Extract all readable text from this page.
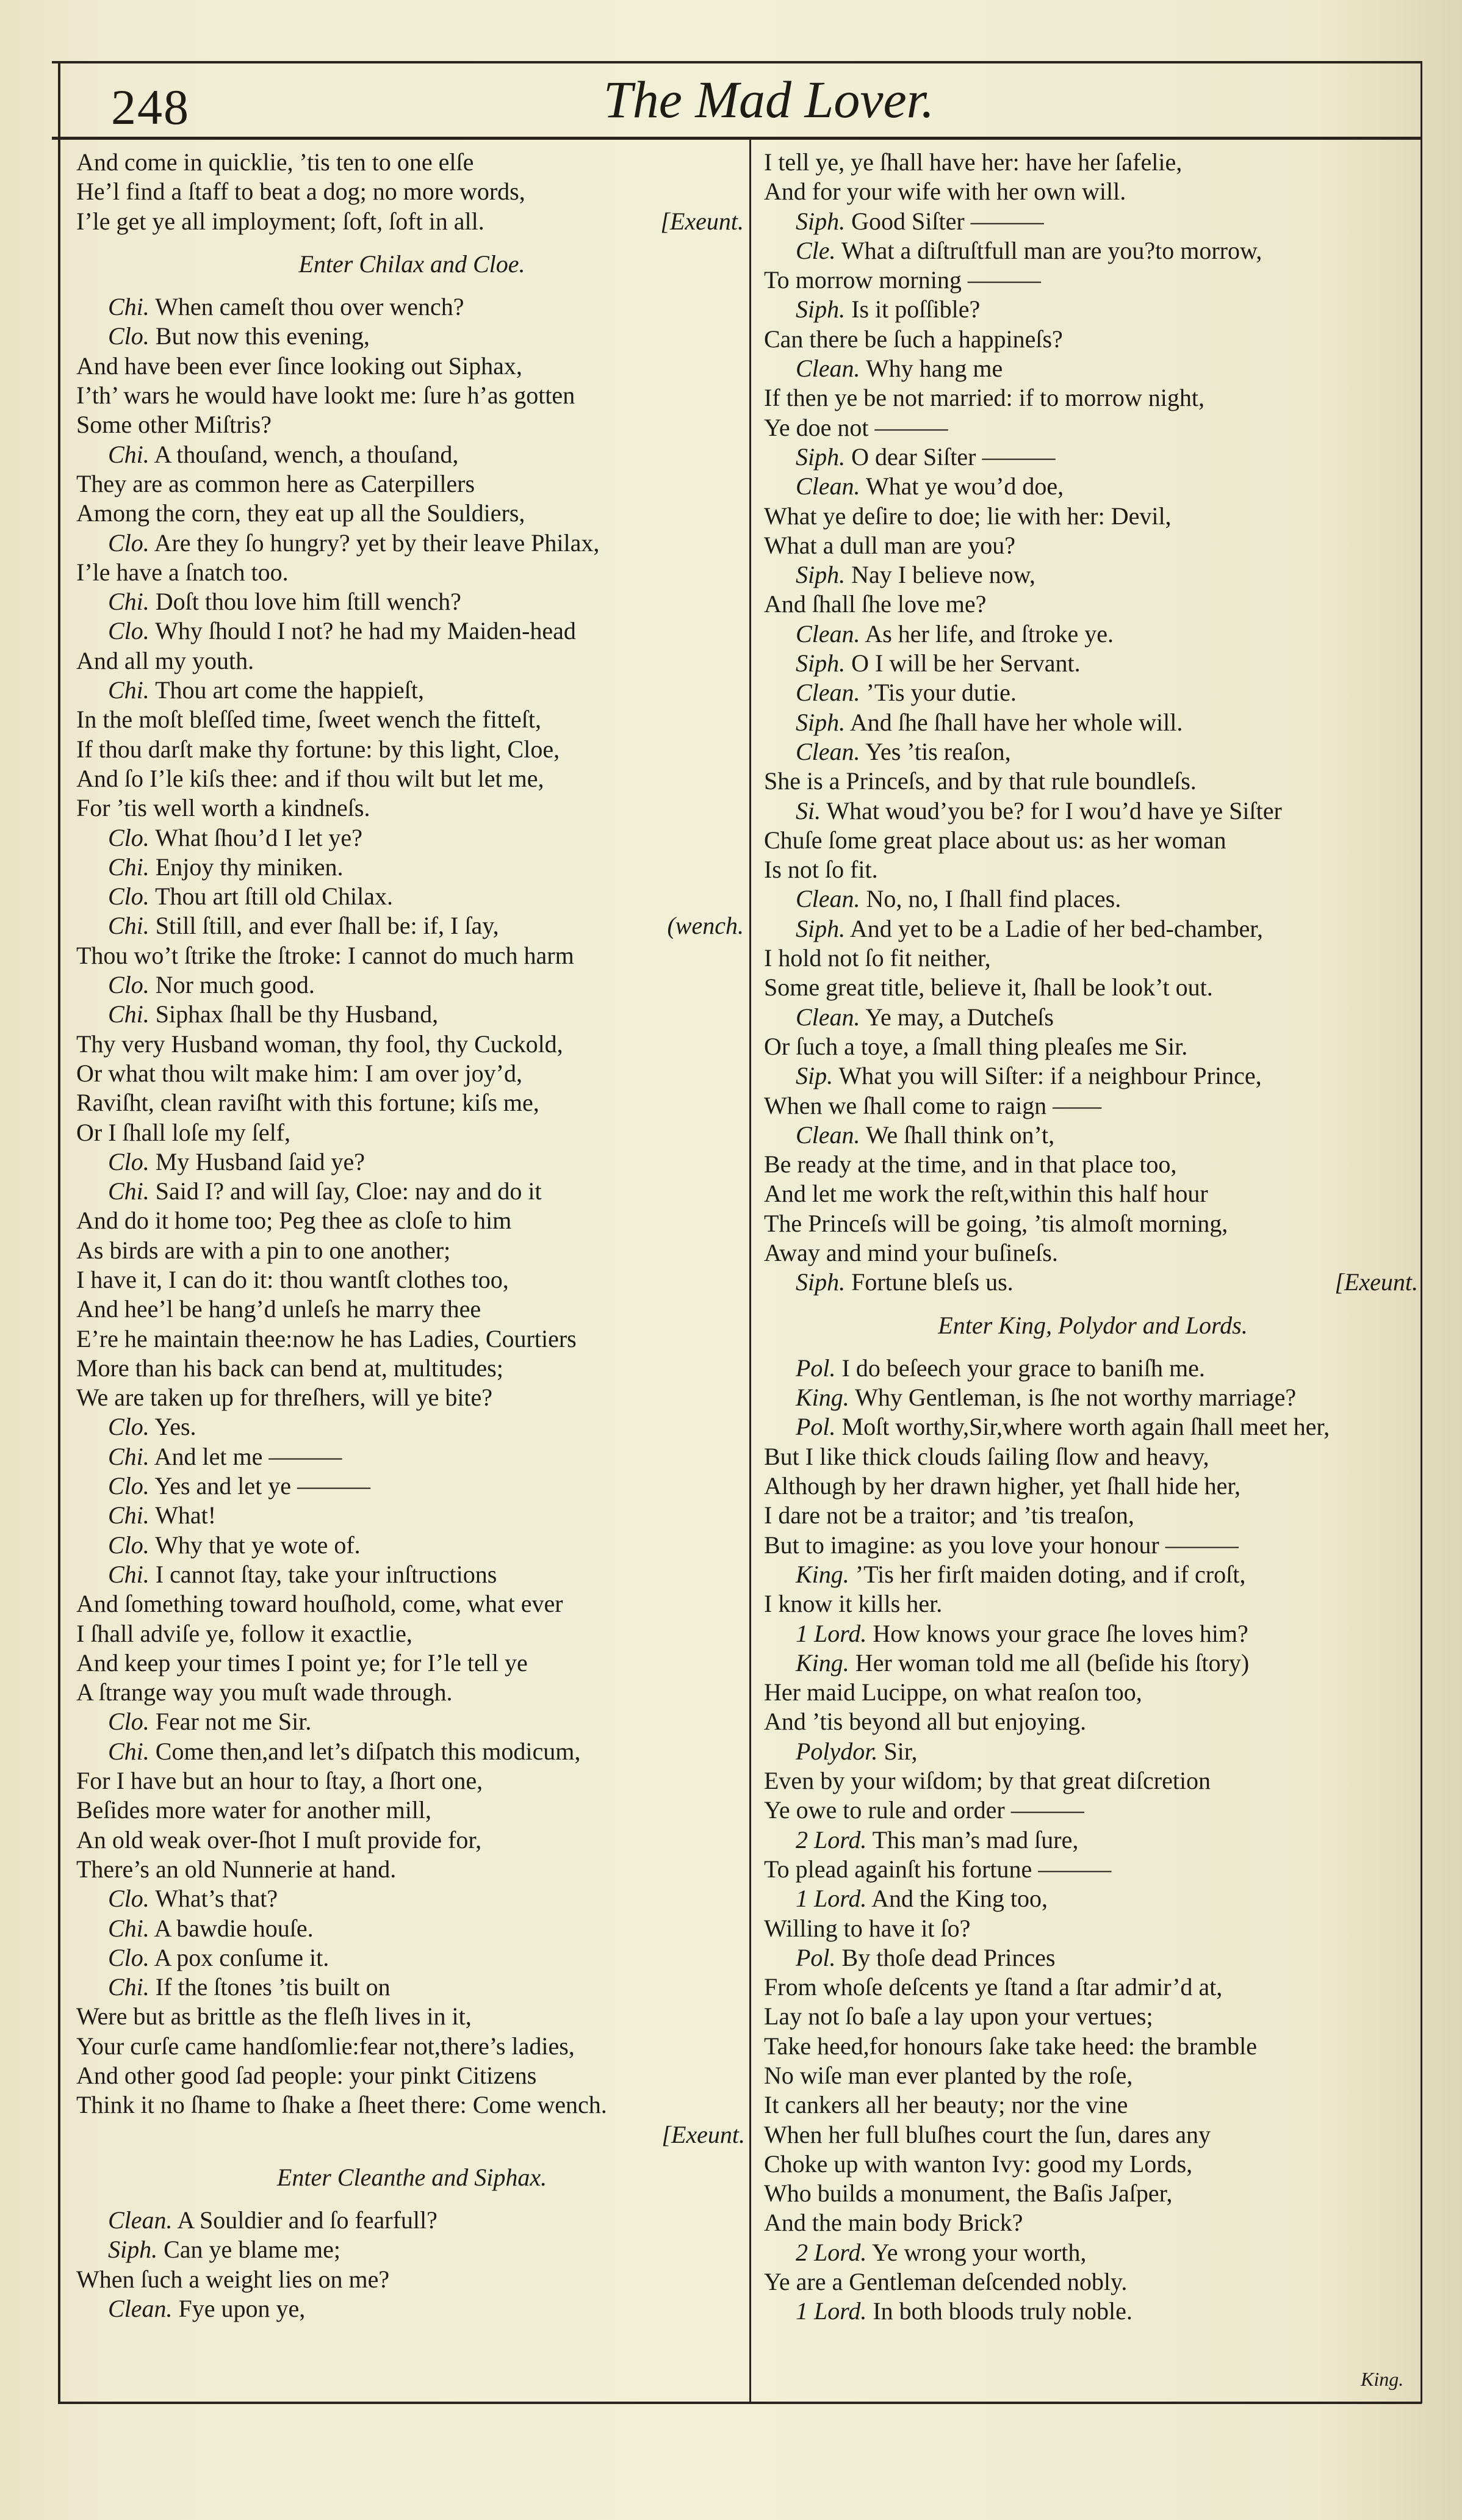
248	The Mad Lover.
And come in quicklie, ’tis ten to one elſe
He’l find a ſtaff to beat a dog; no more words,
I’le get ye all imployment; ſoft, ſoft in all.	[Exeunt.
Enter Chilax and Cloe.
Chi. When cameſt thou over wench?
Clo. But now this evening,
And have been ever ſince looking out Siphax,
I’th’ wars he would have lookt me: ſure h’as gotten
Some other Miſtris?
Chi. A thouſand, wench, a thouſand,
They are as common here as Caterpillers
Among the corn, they eat up all the Souldiers,
Clo. Are they ſo hungry? yet by their leave Philax,
I’le have a ſnatch too.
Chi. Doſt thou love him ſtill wench?
Clo. Why ſhould I not? he had my Maiden-head
And all my youth.
Chi. Thou art come the happieſt,
In the moſt bleſſed time, ſweet wench the fitteſt,
If thou darſt make thy fortune: by this light, Cloe,
And ſo I’le kiſs thee: and if thou wilt but let me,
For ’tis well worth a kindneſs.
Clo. What ſhou’d I let ye?
Chi. Enjoy thy miniken.
Clo. Thou art ſtill old Chilax.
Chi. Still ſtill, and ever ſhall be: if, I ſay,	(wench.
Thou wo’t ſtrike the ſtroke: I cannot do much harm
Clo. Nor much good.
Chi. Siphax ſhall be thy Husband,
Thy very Husband woman, thy fool, thy Cuckold,
Or what thou wilt make him: I am over joy’d,
Raviſht, clean raviſht with this fortune; kiſs me,
Or I ſhall loſe my ſelf,
Clo. My Husband ſaid ye?
Chi. Said I? and will ſay, Cloe: nay and do it
And do it home too; Peg thee as cloſe to him
As birds are with a pin to one another;
I have it, I can do it: thou wantſt clothes too,
And hee’l be hang’d unleſs he marry thee
E’re he maintain thee:now he has Ladies, Courtiers
More than his back can bend at, multitudes;
We are taken up for threſhers, will ye bite?
Clo. Yes.
Chi. And let me ———
Clo. Yes and let ye ———
Chi. What!
Clo. Why that ye wote of.
Chi. I cannot ſtay, take your inſtructions
And ſomething toward houſhold, come, what ever
I ſhall adviſe ye, follow it exactlie,
And keep your times I point ye; for I’le tell ye
A ſtrange way you muſt wade through.
Clo. Fear not me Sir.
Chi. Come then,and let’s diſpatch this modicum,
For I have but an hour to ſtay, a ſhort one,
Beſides more water for another mill,
An old weak over-ſhot I muſt provide for,
There’s an old Nunnerie at hand.
Clo. What’s that?
Chi. A bawdie houſe.
Clo. A pox conſume it.
Chi. If the ſtones ’tis built on
Were but as brittle as the fleſh lives in it,
Your curſe came handſomlie:fear not,there’s ladies,
And other good ſad people: your pinkt Citizens
Think it no ſhame to ſhake a ſheet there: Come wench.
[Exeunt.
Enter Cleanthe and Siphax.
Clean. A Souldier and ſo fearfull?
Siph. Can ye blame me;
When ſuch a weight lies on me?
Clean. Fye upon ye,
I tell ye, ye ſhall have her: have her ſafelie,
And for your wife with her own will.
Siph. Good Siſter ———
Cle. What a diſtruſtfull man are you?to morrow,
To morrow morning ———
Siph. Is it poſſible?
Can there be ſuch a happineſs?
Clean. Why hang me
If then ye be not married: if to morrow night,
Ye doe not ———
Siph. O dear Siſter ———
Clean. What ye wou’d doe,
What ye deſire to doe; lie with her: Devil,
What a dull man are you?
Siph. Nay I believe now,
And ſhall ſhe love me?
Clean. As her life, and ſtroke ye.
Siph. O I will be her Servant.
Clean. ’Tis your dutie.
Siph. And ſhe ſhall have her whole will.
Clean. Yes ’tis reaſon,
She is a Princeſs, and by that rule boundleſs.
Si. What woud’you be? for I wou’d have ye Siſter
Chuſe ſome great place about us: as her woman
Is not ſo fit.
Clean. No, no, I ſhall find places.
Siph. And yet to be a Ladie of her bed-chamber,
I hold not ſo fit neither,
Some great title, believe it, ſhall be look’t out.
Clean. Ye may, a Dutcheſs
Or ſuch a toye, a ſmall thing pleaſes me Sir.
Sip. What you will Siſter: if a neighbour Prince,
When we ſhall come to raign ——
Clean. We ſhall think on’t,
Be ready at the time, and in that place too,
And let me work the reſt,within this half hour
The Princeſs will be going, ’tis almoſt morning,
Away and mind your buſineſs.
Siph. Fortune bleſs us.	[Exeunt.
Enter King, Polydor and Lords.
Pol. I do beſeech your grace to baniſh me.
King. Why Gentleman, is ſhe not worthy marriage?
Pol. Moſt worthy,Sir,where worth again ſhall meet her,
But I like thick clouds ſailing ſlow and heavy,
Although by her drawn higher, yet ſhall hide her,
I dare not be a traitor; and ’tis treaſon,
But to imagine: as you love your honour ———
King. ’Tis her firſt maiden doting, and if croſt,
I know it kills her.
1 Lord. How knows your grace ſhe loves him?
King. Her woman told me all (beſide his ſtory)
Her maid Lucippe, on what reaſon too,
And ’tis beyond all but enjoying.
Polydor. Sir,
Even by your wiſdom; by that great diſcretion
Ye owe to rule and order ———
2 Lord. This man’s mad ſure,
To plead againſt his fortune ———
1 Lord. And the King too,
Willing to have it ſo?
Pol. By thoſe dead Princes
From whoſe deſcents ye ſtand a ſtar admir’d at,
Lay not ſo baſe a lay upon your vertues;
Take heed,for honours ſake take heed: the bramble
No wiſe man ever planted by the roſe,
It cankers all her beauty; nor the vine
When her full bluſhes court the ſun, dares any
Choke up with wanton Ivy: good my Lords,
Who builds a monument, the Baſis Jaſper,
And the main body Brick?
2 Lord. Ye wrong your worth,
Ye are a Gentleman deſcended nobly.
1 Lord. In both bloods truly noble.
King.
